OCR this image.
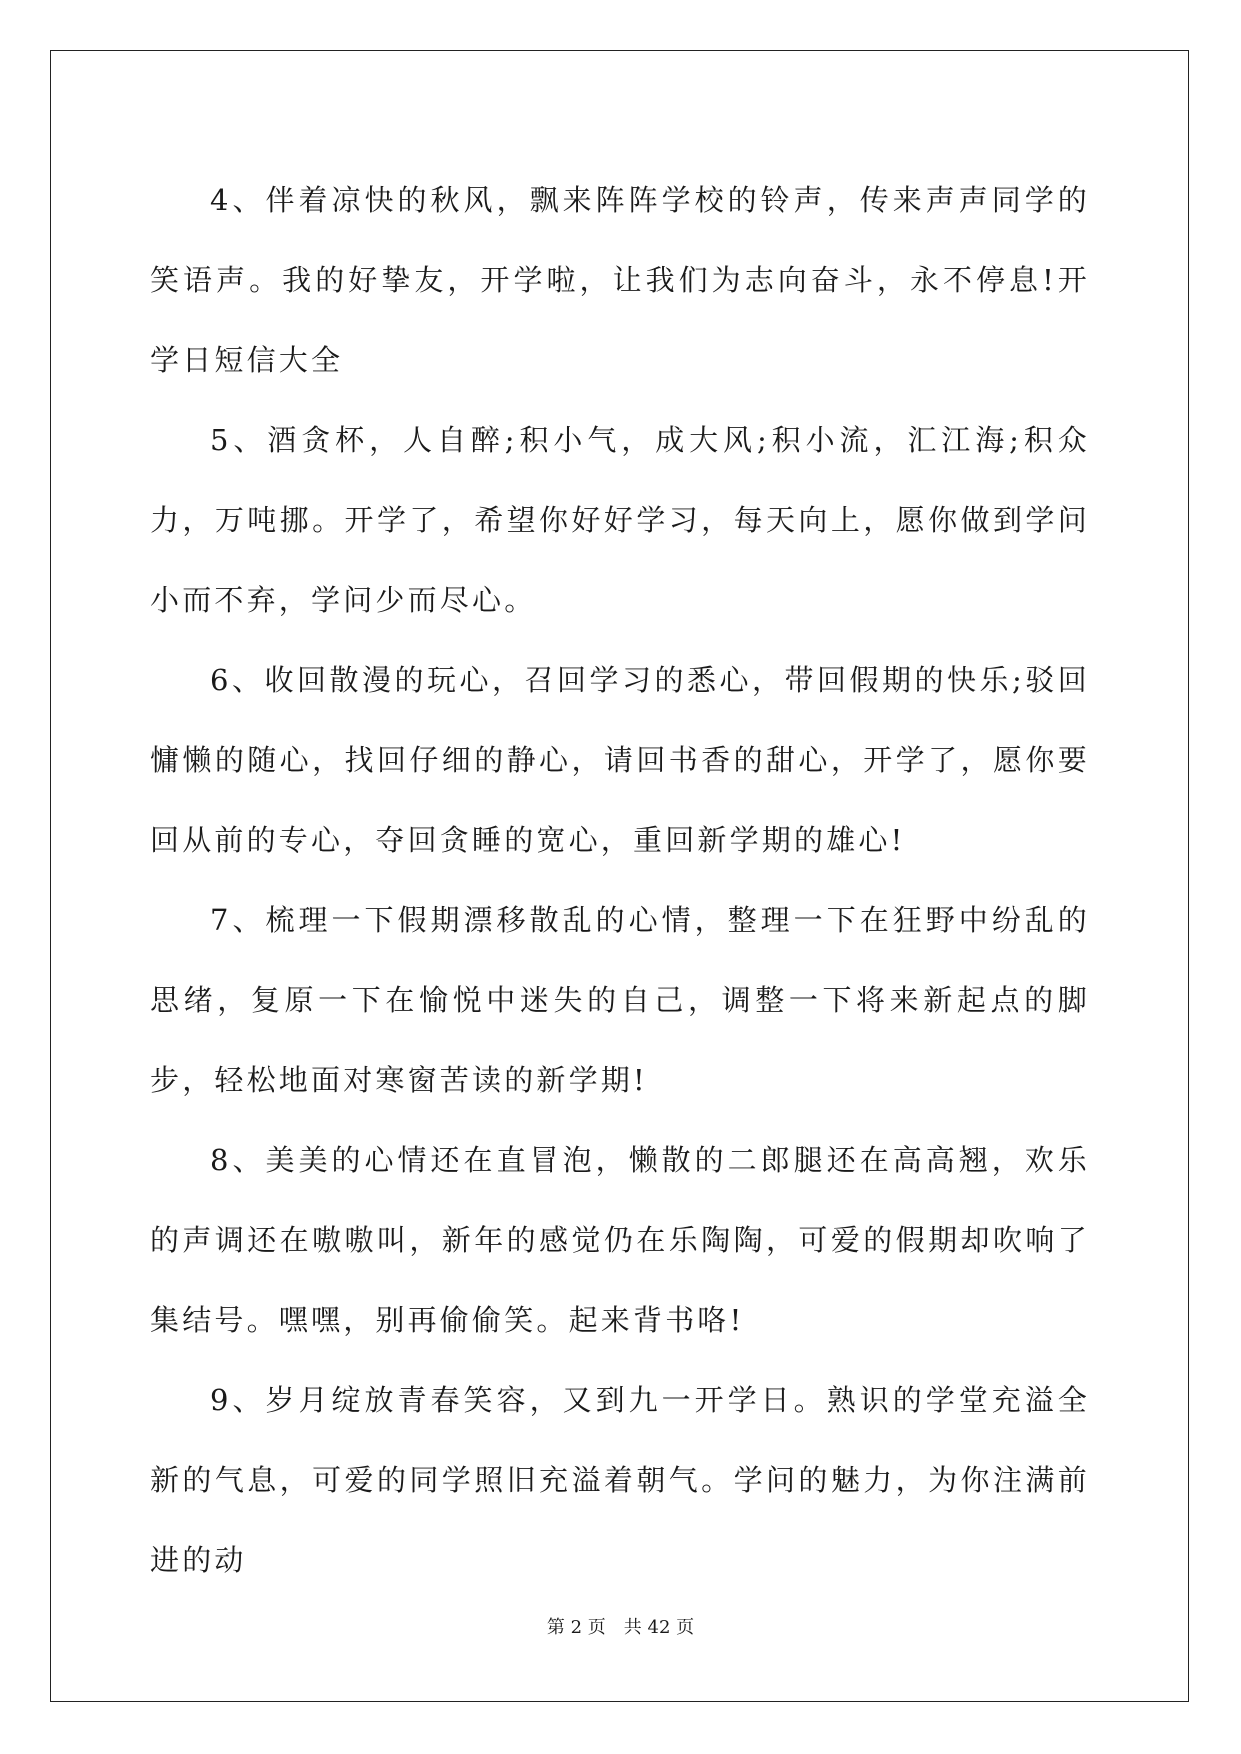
4、伴着凉快的秋风，飘来阵阵学校的铃声，传来声声同学的笑语声。我的好挚友，开学啦，让我们为志向奋斗，永不停息!开学日短信大全

5、酒贪杯，人自醉;积小气，成大风;积小流，汇江海;积众力，万吨挪。开学了，希望你好好学习，每天向上，愿你做到学问小而不弃，学问少而尽心。

6、收回散漫的玩心，召回学习的悉心，带回假期的快乐;驳回慵懒的随心，找回仔细的静心，请回书香的甜心，开学了，愿你要回从前的专心，夺回贪睡的宽心，重回新学期的雄心!

7、梳理一下假期漂移散乱的心情，整理一下在狂野中纷乱的思绪，复原一下在愉悦中迷失的自己，调整一下将来新起点的脚步，轻松地面对寒窗苦读的新学期!

8、美美的心情还在直冒泡，懒散的二郎腿还在高高翘，欢乐的声调还在嗷嗷叫，新年的感觉仍在乐陶陶，可爱的假期却吹响了集结号。嘿嘿，别再偷偷笑。起来背书咯!

9、岁月绽放青春笑容，又到九一开学日。熟识的学堂充溢全新的气息，可爱的同学照旧充溢着朝气。学问的魅力，为你注满前进的动

第 2 页　共 42 页
